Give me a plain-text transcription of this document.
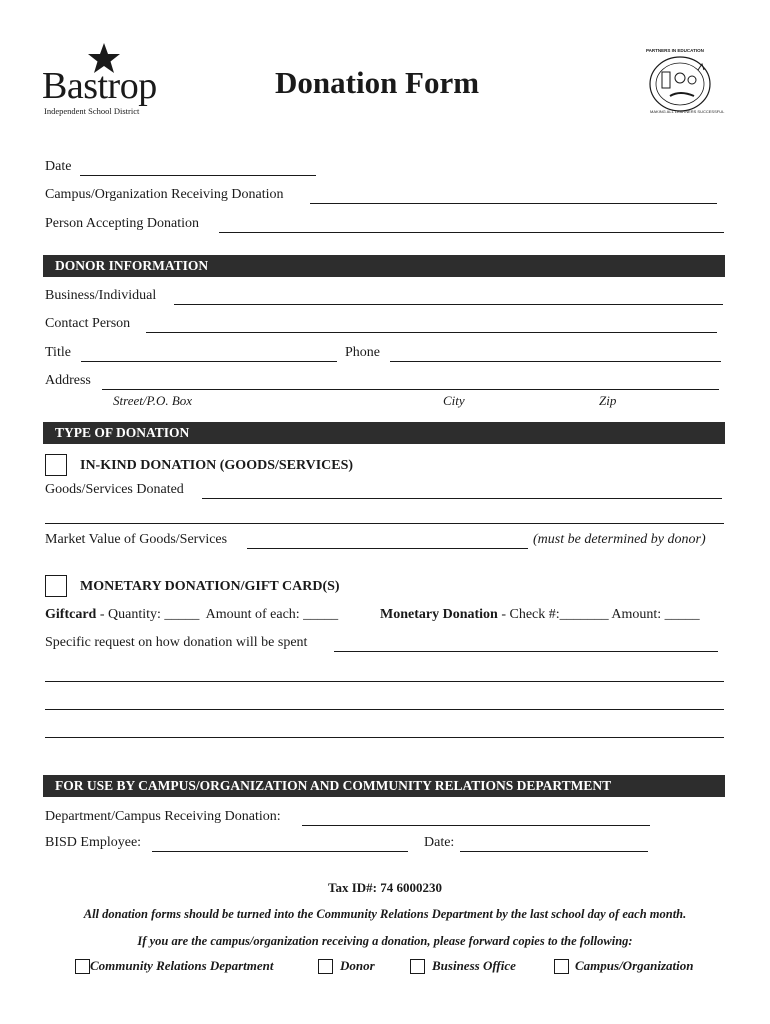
Bastrop
Independent School District
Donation Form
PARTNERS IN EDUCATION
MAKING ALL LEARNERS SUCCESSFUL
Date
Campus/Organization Receiving Donation
Person Accepting Donation
DONOR INFORMATION
Business/Individual
Contact Person
Title	Phone
Address
Street/P.O. Box	City	Zip
TYPE OF DONATION
IN-KIND DONATION (GOODS/SERVICES)
Goods/Services Donated
Market Value of Goods/Services	(must be determined by donor)
MONETARY DONATION/GIFT CARD(S)
Giftcard - Quantity: _____  Amount of each: _____	Monetary Donation - Check #:_______ Amount: _____
Specific request on how donation will be spent
FOR USE BY CAMPUS/ORGANIZATION AND COMMUNITY RELATIONS DEPARTMENT
Department/Campus Receiving Donation:
BISD Employee:	Date:
Tax ID#: 74 6000230
All donation forms should be turned into the Community Relations Department by the last school day of each month.
If you are the campus/organization receiving a donation, please forward copies to the following:
Community Relations Department	Donor	Business Office	Campus/Organization
